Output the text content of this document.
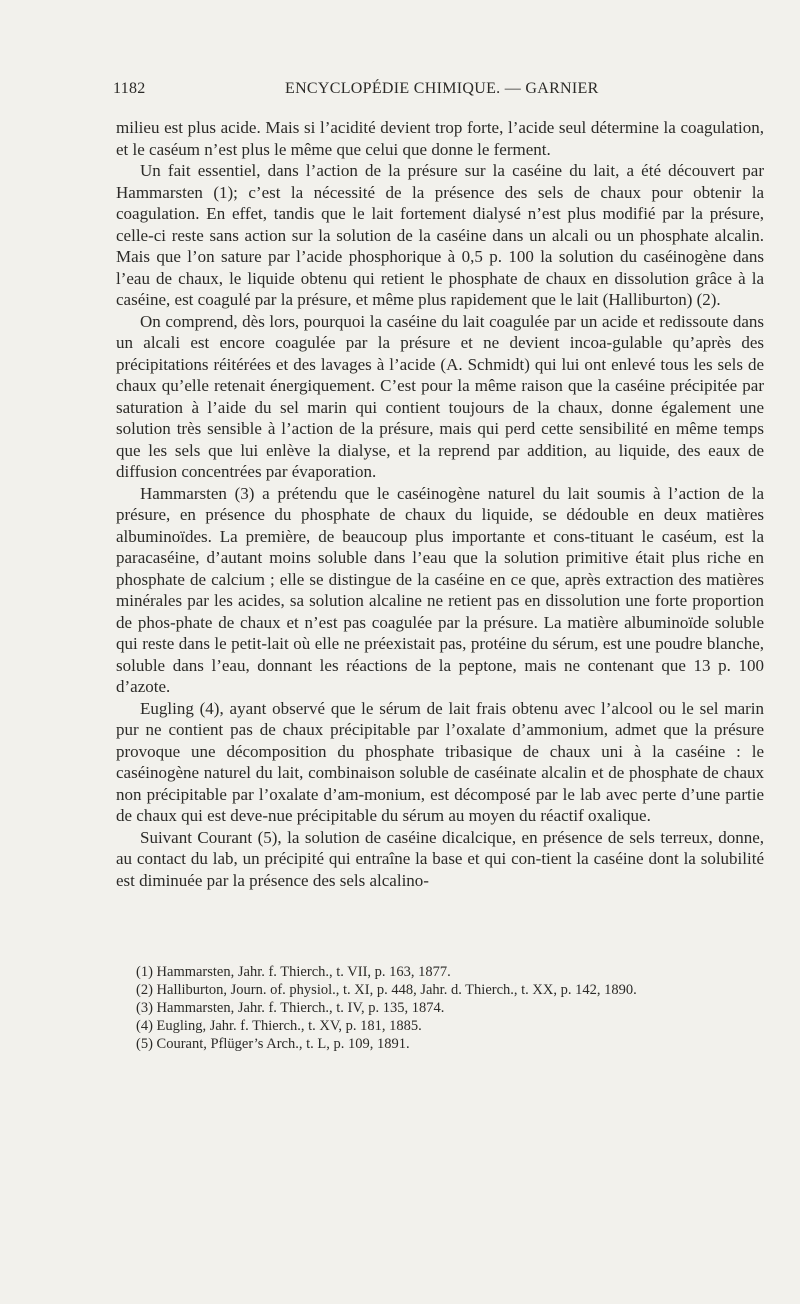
1182	ENCYCLOPÉDIE CHIMIQUE. — GARNIER

milieu est plus acide. Mais si l’acidité devient trop forte, l’acide seul détermine la coagulation, et le caséum n’est plus le même que celui que donne le ferment.

Un fait essentiel, dans l’action de la présure sur la caséine du lait, a été découvert par Hammarsten (1); c’est la nécessité de la présence des sels de chaux pour obtenir la coagulation. En effet, tandis que le lait fortement dialysé n’est plus modifié par la présure, celle-ci reste sans action sur la solution de la caséine dans un alcali ou un phosphate alcalin. Mais que l’on sature par l’acide phosphorique à 0,5 p. 100 la solution du caséinogène dans l’eau de chaux, le liquide obtenu qui retient le phosphate de chaux en dissolution grâce à la caséine, est coagulé par la présure, et même plus rapidement que le lait (Halliburton) (2).

On comprend, dès lors, pourquoi la caséine du lait coagulée par un acide et redissoute dans un alcali est encore coagulée par la présure et ne devient incoa-gulable qu’après des précipitations réitérées et des lavages à l’acide (A. Schmidt) qui lui ont enlevé tous les sels de chaux qu’elle retenait énergiquement. C’est pour la même raison que la caséine précipitée par saturation à l’aide du sel marin qui contient toujours de la chaux, donne également une solution très sensible à l’action de la présure, mais qui perd cette sensibilité en même temps que les sels que lui enlève la dialyse, et la reprend par addition, au liquide, des eaux de diffusion concentrées par évaporation.

Hammarsten (3) a prétendu que le caséinogène naturel du lait soumis à l’action de la présure, en présence du phosphate de chaux du liquide, se dédouble en deux matières albuminoïdes. La première, de beaucoup plus importante et cons-tituant le caséum, est la paracaséine, d’autant moins soluble dans l’eau que la solution primitive était plus riche en phosphate de calcium ; elle se distingue de la caséine en ce que, après extraction des matières minérales par les acides, sa solution alcaline ne retient pas en dissolution une forte proportion de phos-phate de chaux et n’est pas coagulée par la présure. La matière albuminoïde soluble qui reste dans le petit-lait où elle ne préexistait pas, protéine du sérum, est une poudre blanche, soluble dans l’eau, donnant les réactions de la peptone, mais ne contenant que 13 p. 100 d’azote.

Eugling (4), ayant observé que le sérum de lait frais obtenu avec l’alcool ou le sel marin pur ne contient pas de chaux précipitable par l’oxalate d’ammonium, admet que la présure provoque une décomposition du phosphate tribasique de chaux uni à la caséine : le caséinogène naturel du lait, combinaison soluble de caséinate alcalin et de phosphate de chaux non précipitable par l’oxalate d’am-monium, est décomposé par le lab avec perte d’une partie de chaux qui est deve-nue précipitable du sérum au moyen du réactif oxalique.

Suivant Courant (5), la solution de caséine dicalcique, en présence de sels terreux, donne, au contact du lab, un précipité qui entraîne la base et qui con-tient la caséine dont la solubilité est diminuée par la présence des sels alcalino-

(1) Hammarsten, Jahr. f. Thierch., t. VII, p. 163, 1877.
(2) Halliburton, Journ. of. physiol., t. XI, p. 448, Jahr. d. Thierch., t. XX, p. 142, 1890.
(3) Hammarsten, Jahr. f. Thierch., t. IV, p. 135, 1874.
(4) Eugling, Jahr. f. Thierch., t. XV, p. 181, 1885.
(5) Courant, Pflüger’s Arch., t. L, p. 109, 1891.
